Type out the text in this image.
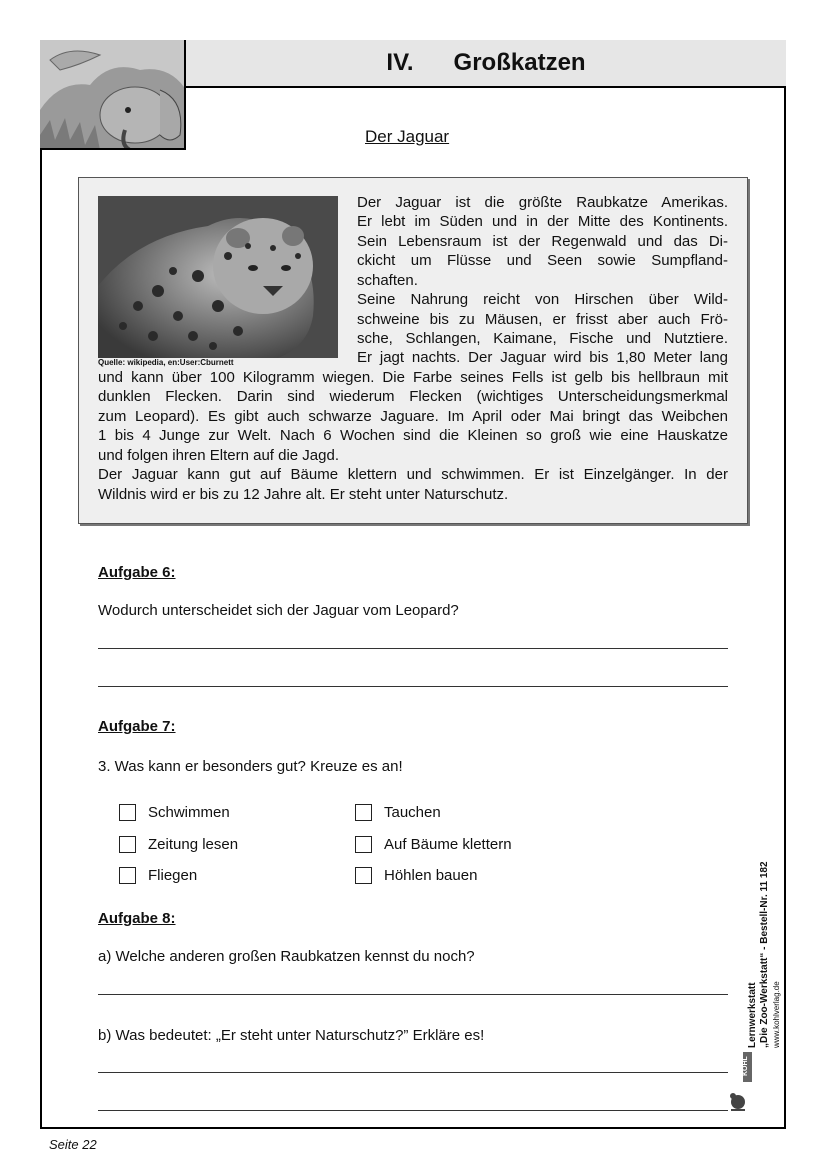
IV. Großkatzen
Der Jaguar
Quelle: wikipedia, en:User:Cburnett
Der Jaguar ist die größte Raubkatze Amerikas.
Er lebt im Süden und in der Mitte des Kontinents.
Sein Lebensraum ist der Regenwald und das Di-
ckicht um Flüsse und Seen sowie Sumpfland-
schaften.
Seine Nahrung reicht von Hirschen über Wild-
schweine bis zu Mäusen, er frisst aber auch Frö-
sche, Schlangen, Kaimane, Fische und Nutztiere.
Er jagt nachts. Der Jaguar wird bis 1,80 Meter lang
und kann über 100 Kilogramm wiegen. Die Farbe seines Fells ist gelb bis hellbraun mit
dunklen Flecken. Darin sind wiederum Flecken (wichtiges Unterscheidungsmerkmal
zum Leopard). Es gibt auch schwarze Jaguare. Im April oder Mai bringt das Weibchen
1 bis 4 Junge zur Welt. Nach 6 Wochen sind die Kleinen so groß wie eine Hauskatze
und folgen ihren Eltern auf die Jagd.
Der Jaguar kann gut auf Bäume klettern und schwimmen. Er ist Einzelgänger. In der
Wildnis wird er bis zu 12 Jahre alt. Er steht unter Naturschutz.
Aufgabe 6:
Wodurch unterscheidet sich der Jaguar vom Leopard?
Aufgabe 7:
3. Was kann er besonders gut? Kreuze es an!
Schwimmen	Tauchen
Zeitung lesen	Auf Bäume klettern
Fliegen	Höhlen bauen
Aufgabe 8:
a) Welche anderen großen Raubkatzen kennst du noch?
b) Was bedeutet: „Er steht unter Naturschutz?” Erkläre es!	Lernwerkstatt „Die Zoo-Werkstatt“ - Bestell-Nr. 11 182 www.kohlverlag.de
KOHL
Seite 22
